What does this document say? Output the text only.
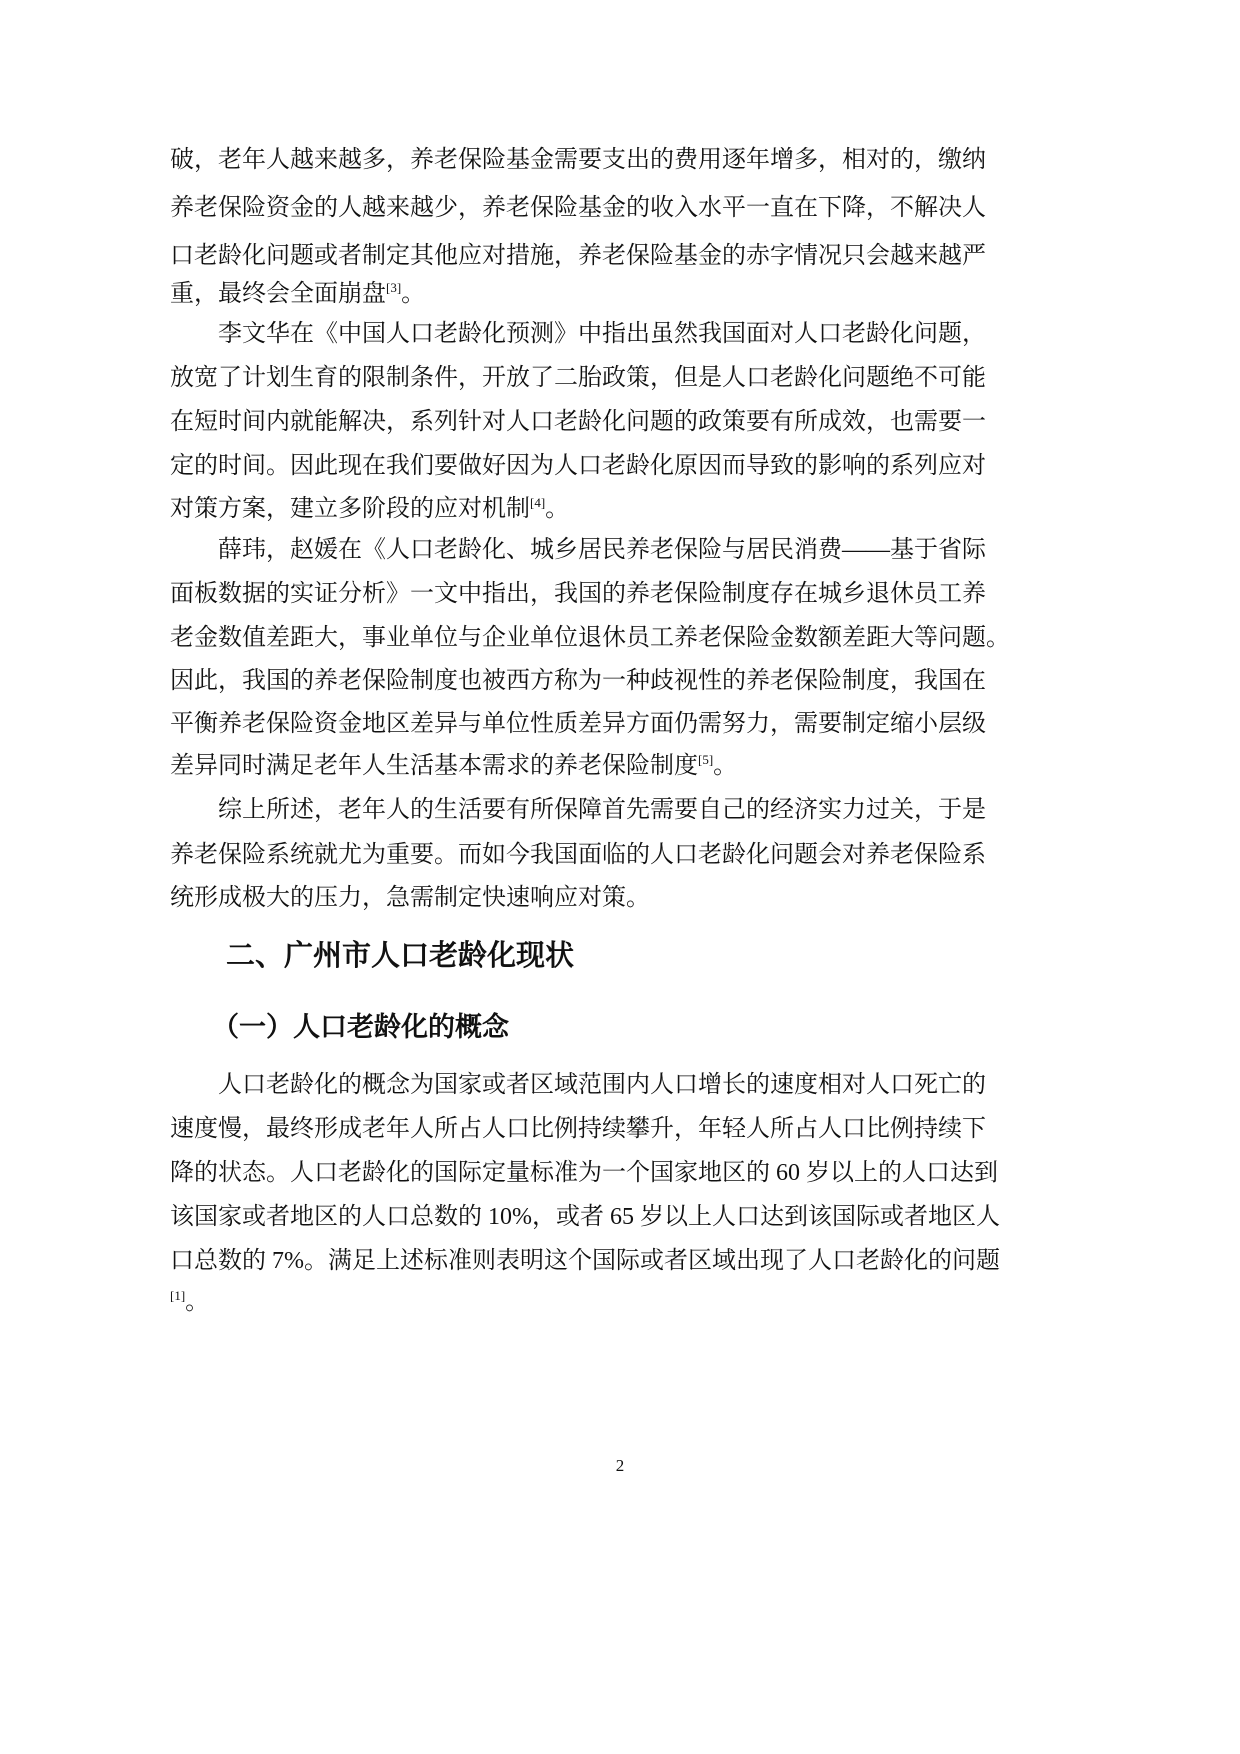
破，老年人越来越多，养老保险基金需要支出的费用逐年增多，相对的，缴纳
养老保险资金的人越来越少，养老保险基金的收入水平一直在下降，不解决人
口老龄化问题或者制定其他应对措施，养老保险基金的赤字情况只会越来越严
重，最终会全面崩盘[3]。
李文华在《中国人口老龄化预测》中指出虽然我国面对人口老龄化问题，
放宽了计划生育的限制条件，开放了二胎政策，但是人口老龄化问题绝不可能
在短时间内就能解决，系列针对人口老龄化问题的政策要有所成效，也需要一
定的时间。因此现在我们要做好因为人口老龄化原因而导致的影响的系列应对
对策方案，建立多阶段的应对机制[4]。
薛玮，赵媛在《人口老龄化、城乡居民养老保险与居民消费——基于省际
面板数据的实证分析》一文中指出，我国的养老保险制度存在城乡退休员工养
老金数值差距大，事业单位与企业单位退休员工养老保险金数额差距大等问题。
因此，我国的养老保险制度也被西方称为一种歧视性的养老保险制度，我国在
平衡养老保险资金地区差异与单位性质差异方面仍需努力，需要制定缩小层级
差异同时满足老年人生活基本需求的养老保险制度[5]。
综上所述，老年人的生活要有所保障首先需要自己的经济实力过关，于是
养老保险系统就尤为重要。而如今我国面临的人口老龄化问题会对养老保险系
统形成极大的压力，急需制定快速响应对策。
二、广州市人口老龄化现状
（一）人口老龄化的概念
人口老龄化的概念为国家或者区域范围内人口增长的速度相对人口死亡的
速度慢，最终形成老年人所占人口比例持续攀升，年轻人所占人口比例持续下
降的状态。人口老龄化的国际定量标准为一个国家地区的 60 岁以上的人口达到
该国家或者地区的人口总数的 10%，或者 65 岁以上人口达到该国际或者地区人
口总数的 7%。满足上述标准则表明这个国际或者区域出现了人口老龄化的问题
[1]。
2
